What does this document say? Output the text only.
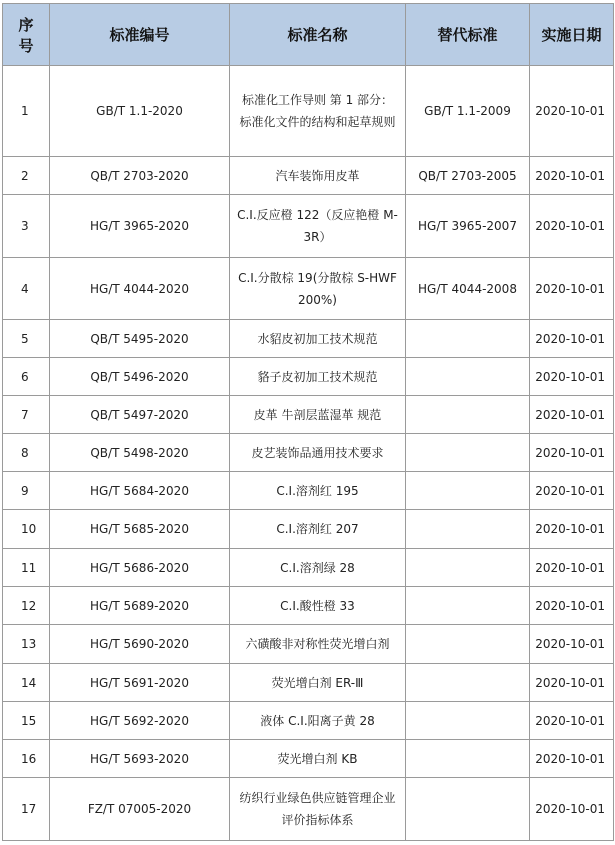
序号	标准编号	标准名称	替代标准	实施日期
1	GB/T 1.1-2020	标准化工作导则 第 1 部分：标准化文件的结构和起草规则	GB/T 1.1-2009	2020-10-01
2	QB/T 2703-2020	汽车装饰用皮革	QB/T 2703-2005	2020-10-01
3	HG/T 3965-2020	C.I.反应橙 122（反应艳橙 M-3R）	HG/T 3965-2007	2020-10-01
4	HG/T 4044-2020	C.I.分散棕 19(分散棕 S-HWF 200%)	HG/T 4044-2008	2020-10-01
5	QB/T 5495-2020	水貂皮初加工技术规范		2020-10-01
6	QB/T 5496-2020	貉子皮初加工技术规范		2020-10-01
7	QB/T 5497-2020	皮革 牛剖层蓝湿革 规范		2020-10-01
8	QB/T 5498-2020	皮艺装饰品通用技术要求		2020-10-01
9	HG/T 5684-2020	C.I.溶剂红 195		2020-10-01
10	HG/T 5685-2020	C.I.溶剂红 207		2020-10-01
11	HG/T 5686-2020	C.I.溶剂绿 28		2020-10-01
12	HG/T 5689-2020	C.I.酸性橙 33		2020-10-01
13	HG/T 5690-2020	六磺酸非对称性荧光增白剂		2020-10-01
14	HG/T 5691-2020	荧光增白剂 ER-Ⅲ		2020-10-01
15	HG/T 5692-2020	液体 C.I.阳离子黄 28		2020-10-01
16	HG/T 5693-2020	荧光增白剂 KB		2020-10-01
17	FZ/T 07005-2020	纺织行业绿色供应链管理企业评价指标体系		2020-10-01
